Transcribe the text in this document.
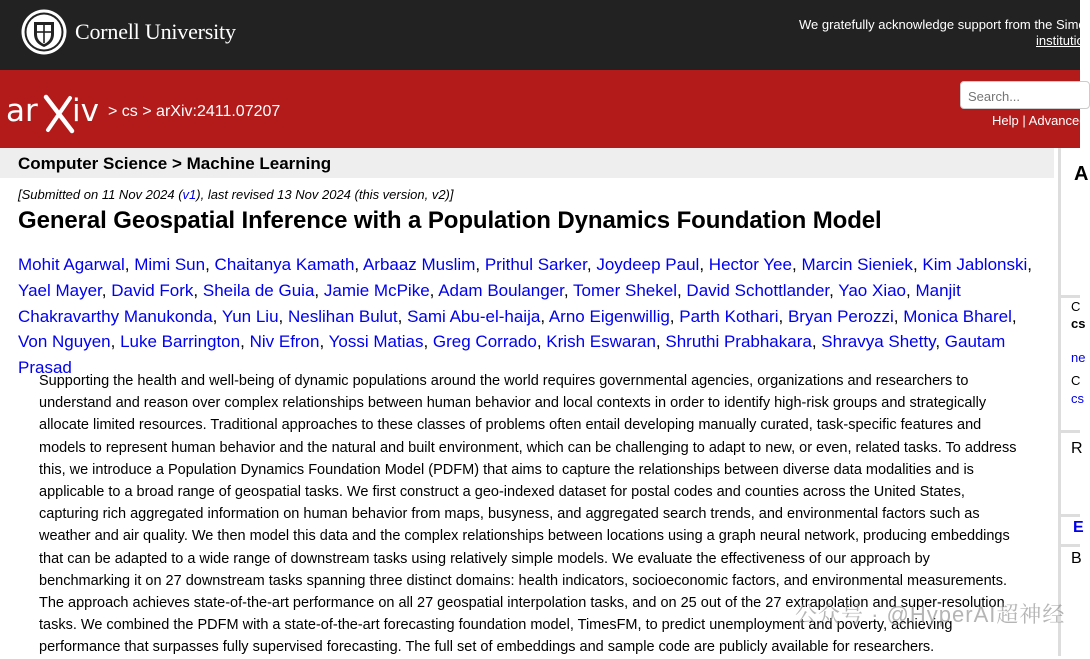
Cornell University	We gratefully acknowledge support from the Simo
institutio
ar iv > cs > arXiv:2411.07207
Search...
Help | Advanced
Computer Science > Machine Learning
[Submitted on 11 Nov 2024 (v1), last revised 13 Nov 2024 (this version, v2)]
General Geospatial Inference with a Population Dynamics Foundation Model
Mohit Agarwal, Mimi Sun, Chaitanya Kamath, Arbaaz Muslim, Prithul Sarker, Joydeep Paul, Hector Yee, Marcin Sieniek, Kim Jablonski, Yael Mayer, David Fork, Sheila de Guia, Jamie McPike, Adam Boulanger, Tomer Shekel, David Schottlander, Yao Xiao, Manjit Chakravarthy Manukonda, Yun Liu, Neslihan Bulut, Sami Abu-el-haija, Arno Eigenwillig, Parth Kothari, Bryan Perozzi, Monica Bharel, Von Nguyen, Luke Barrington, Niv Efron, Yossi Matias, Greg Corrado, Krish Eswaran, Shruthi Prabhakara, Shravya Shetty, Gautam Prasad
Supporting the health and well-being of dynamic populations around the world requires governmental agencies, organizations and researchers to understand and reason over complex relationships between human behavior and local contexts in order to identify high-risk groups and strategically allocate limited resources. Traditional approaches to these classes of problems often entail developing manually curated, task-specific features and models to represent human behavior and the natural and built environment, which can be challenging to adapt to new, or even, related tasks. To address this, we introduce a Population Dynamics Foundation Model (PDFM) that aims to capture the relationships between diverse data modalities and is applicable to a broad range of geospatial tasks. We first construct a geo-indexed dataset for postal codes and counties across the United States, capturing rich aggregated information on human behavior from maps, busyness, and aggregated search trends, and environmental factors such as weather and air quality. We then model this data and the complex relationships between locations using a graph neural network, producing embeddings that can be adapted to a wide range of downstream tasks using relatively simple models. We evaluate the effectiveness of our approach by benchmarking it on 27 downstream tasks spanning three distinct domains: health indicators, socioeconomic factors, and environmental measurements. The approach achieves state-of-the-art performance on all 27 geospatial interpolation tasks, and on 25 out of the 27 extrapolation and super-resolution tasks. We combined the PDFM with a state-of-the-art forecasting foundation model, TimesFM, to predict unemployment and poverty, achieving performance that surpasses fully supervised forecasting. The full set of embeddings and sample code are publicly available for researchers.
A
C
cs
ne
C
cs
R
E
B
公众号 · @HyperAI超神经
